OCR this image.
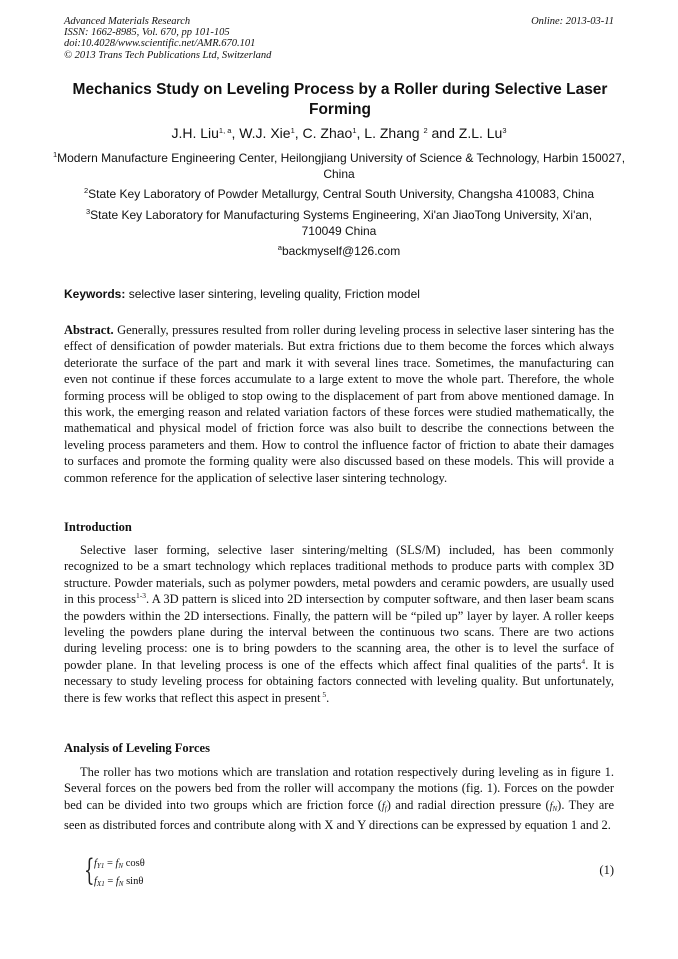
Advanced Materials Research
ISSN: 1662-8985, Vol. 670, pp 101-105
doi:10.4028/www.scientific.net/AMR.670.101
© 2013 Trans Tech Publications Ltd, Switzerland
Online: 2013-03-11
Mechanics Study on Leveling Process by a Roller during Selective Laser Forming
J.H. Liu$^{1, a}$, W.J. Xie$^1$, C. Zhao$^1$, L. Zhang $^2$ and Z.L. Lu$^3$
$^1$Modern Manufacture Engineering Center, Heilongjiang University of Science & Technology, Harbin 150027, China
$^2$State Key Laboratory of Powder Metallurgy, Central South University, Changsha 410083, China
$^3$State Key Laboratory for Manufacturing Systems Engineering, Xi'an JiaoTong University, Xi'an, 710049 China
$^a$backmyself@126.com
Keywords: selective laser sintering, leveling quality, Friction model
Abstract. Generally, pressures resulted from roller during leveling process in selective laser sintering has the effect of densification of powder materials. But extra frictions due to them become the forces which always deteriorate the surface of the part and mark it with several lines trace. Sometimes, the manufacturing can even not continue if these forces accumulate to a large extent to move the whole part. Therefore, the whole forming process will be obliged to stop owing to the displacement of part from above mentioned damage. In this work, the emerging reason and related variation factors of these forces were studied mathematically, the mathematical and physical model of friction force was also built to describe the connections between the leveling process parameters and them. How to control the influence factor of friction to abate their damages to surfaces and promote the forming quality were also discussed based on these models. This will provide a common reference for the application of selective laser sintering technology.
Introduction
Selective laser forming, selective laser sintering/melting (SLS/M) included, has been commonly recognized to be a smart technology which replaces traditional methods to produce parts with complex 3D structure. Powder materials, such as polymer powders, metal powders and ceramic powders, are usually used in this process$^{1-3}$. A 3D pattern is sliced into 2D intersection by computer software, and then laser beam scans the powders within the 2D intersections. Finally, the pattern will be “piled up” layer by layer. A roller keeps leveling the powders plane during the interval between the continuous two scans. There are two actions during leveling process: one is to bring powders to the scanning area, the other is to level the surface of powder plane. In that leveling process is one of the effects which affect final qualities of the parts$^4$. It is necessary to study leveling process for obtaining factors connected with leveling quality. But unfortunately, there is few works that reflect this aspect in present $^5$.
Analysis of Leveling Forces
The roller has two motions which are translation and rotation respectively during leveling as in figure 1. Several forces on the powers bed from the roller will accompany the motions (fig. 1). Forces on the powder bed can be divided into two groups which are friction force $(f_f)$ and radial direction pressure $(f_N)$. They are seen as distributed forces and contribute along with X and Y directions can be expressed by equation 1 and 2.
{ $f_{Y1} = f_N$ cosθ
$f_{X1} = f_N$ sinθ
(1)
